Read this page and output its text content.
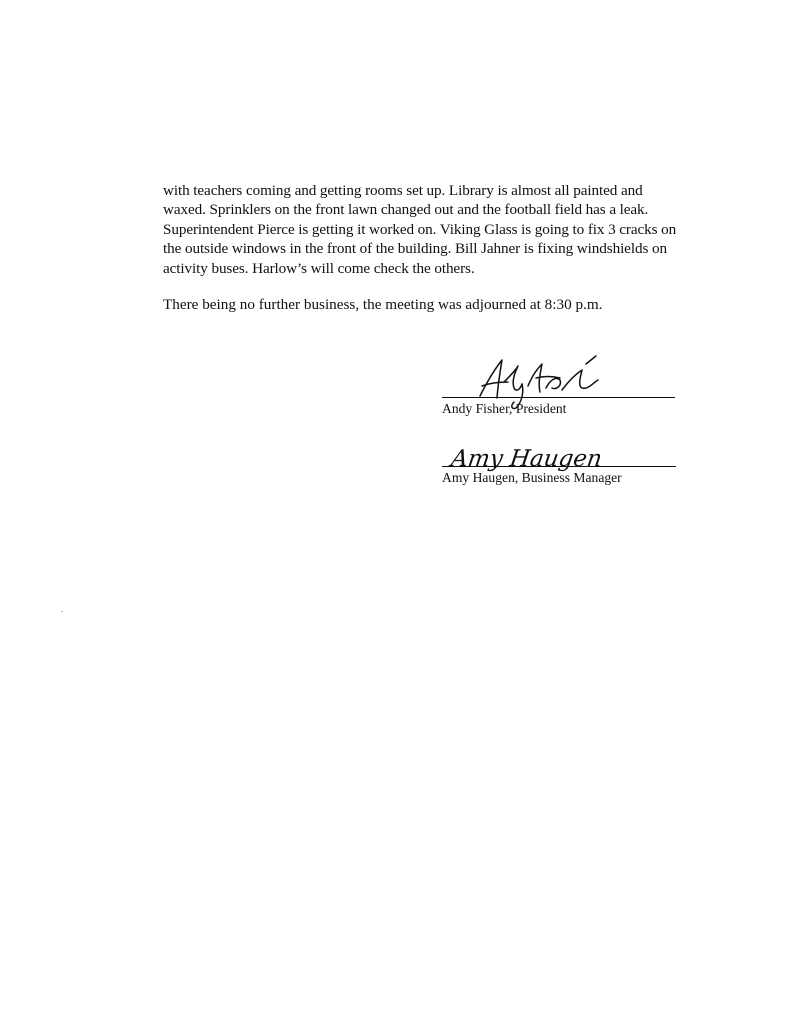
with teachers coming and getting rooms set up. Library is almost all painted and
waxed. Sprinklers on the front lawn changed out and the football field has a leak.
Superintendent Pierce is getting it worked on. Viking Glass is going to fix 3 cracks on
the outside windows in the front of the building. Bill Jahner is fixing windshields on
activity buses. Harlow’s will come check the others.
There being no further business, the meeting was adjourned at 8:30 p.m.
Andy Fisher, President
Amy Haugen
Amy Haugen, Business Manager
